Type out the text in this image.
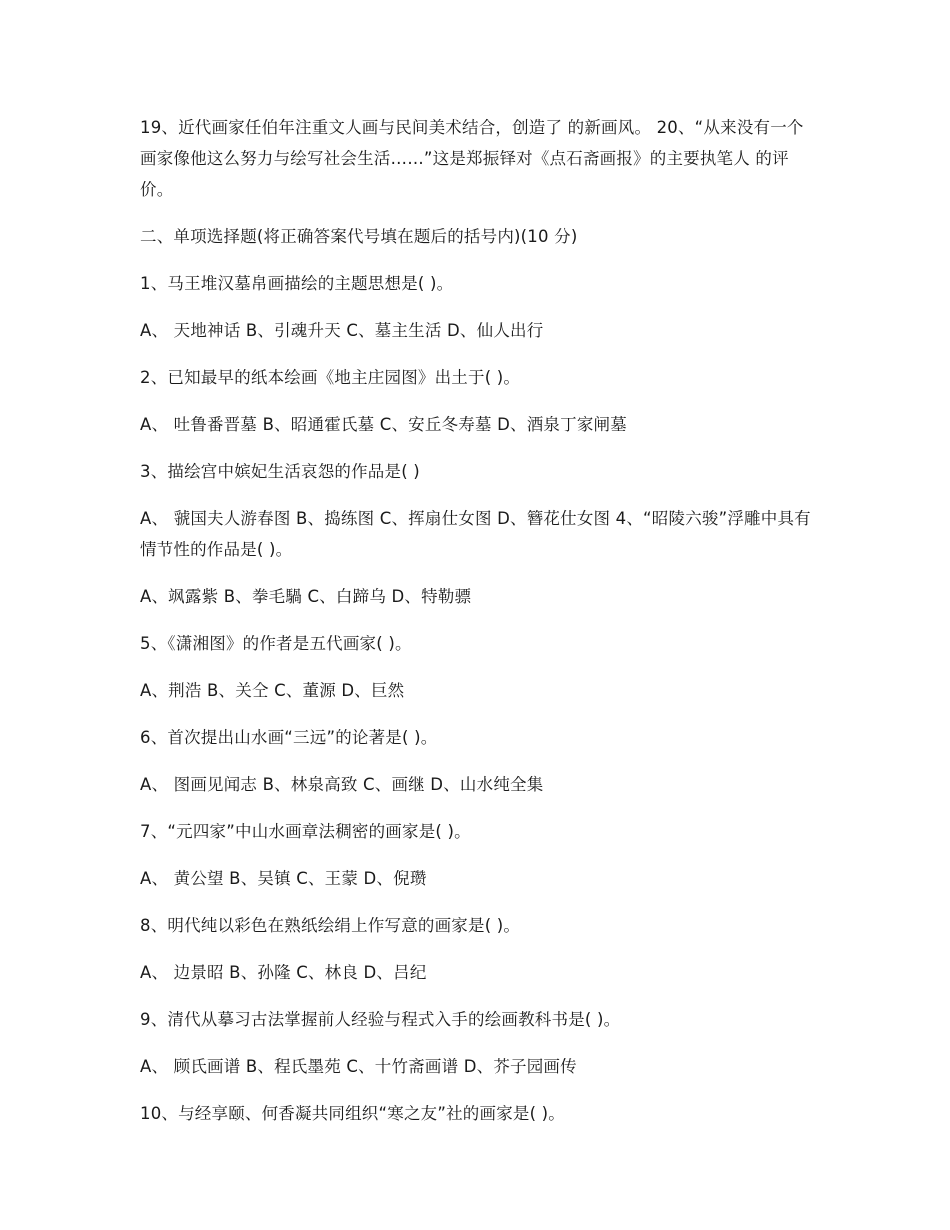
19、近代画家任伯年注重文人画与民间美术结合，创造了 的新画风。 20、“从来没有一个画家像他这么努力与绘写社会生活……”这是郑振铎对《点石斋画报》的主要执笔人 的评价。

二、单项选择题(将正确答案代号填在题后的括号内)(10 分)

1、马王堆汉墓帛画描绘的主题思想是( )。

A、 天地神话 B、引魂升天 C、墓主生活 D、仙人出行

2、已知最早的纸本绘画《地主庄园图》出土于( )。

A、 吐鲁番晋墓 B、昭通霍氏墓 C、安丘冬寿墓 D、酒泉丁家闸墓

3、描绘宫中嫔妃生活哀怨的作品是( )

A、 虢国夫人游春图 B、捣练图 C、挥扇仕女图 D、簪花仕女图 4、“昭陵六骏”浮雕中具有情节性的作品是( )。

A、飒露紫 B、拳毛騧 C、白蹄乌 D、特勒骠

5、《潇湘图》的作者是五代画家( )。

A、荆浩 B、关仝 C、董源 D、巨然

6、首次提出山水画“三远”的论著是( )。

A、 图画见闻志 B、林泉高致 C、画继 D、山水纯全集

7、“元四家”中山水画章法稠密的画家是( )。

A、 黄公望 B、吴镇 C、王蒙 D、倪瓒

8、明代纯以彩色在熟纸绘绢上作写意的画家是( )。

A、 边景昭 B、孙隆 C、林良 D、吕纪

9、清代从摹习古法掌握前人经验与程式入手的绘画教科书是( )。

A、 顾氏画谱 B、程氏墨苑 C、十竹斋画谱 D、芥子园画传

10、与经享颐、何香凝共同组织“寒之友”社的画家是( )。
